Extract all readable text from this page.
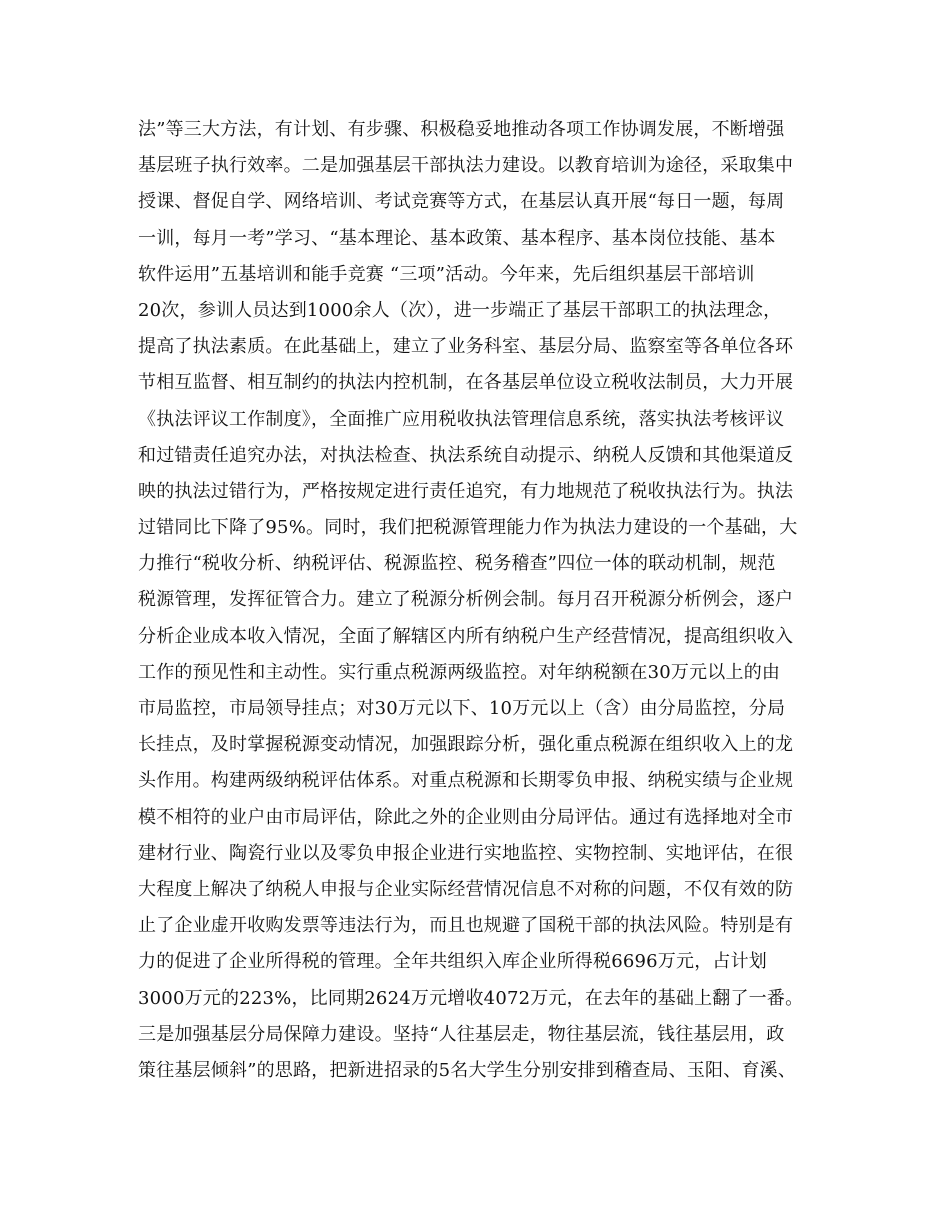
法”等三大方法，有计划、有步骤、积极稳妥地推动各项工作协调发展，不断增强
基层班子执行效率。二是加强基层干部执法力建设。以教育培训为途径，采取集中
授课、督促自学、网络培训、考试竞赛等方式，在基层认真开展“每日一题，每周
一训，每月一考”学习、“基本理论、基本政策、基本程序、基本岗位技能、基本
软件运用”五基培训和能手竞赛 “三项”活动。今年来，先后组织基层干部培训
20次，参训人员达到1000余人（次），进一步端正了基层干部职工的执法理念，
提高了执法素质。在此基础上，建立了业务科室、基层分局、监察室等各单位各环
节相互监督、相互制约的执法内控机制，在各基层单位设立税收法制员，大力开展
《执法评议工作制度》，全面推广应用税收执法管理信息系统，落实执法考核评议
和过错责任追究办法，对执法检查、执法系统自动提示、纳税人反馈和其他渠道反
映的执法过错行为，严格按规定进行责任追究，有力地规范了税收执法行为。执法
过错同比下降了95%。同时，我们把税源管理能力作为执法力建设的一个基础，大
力推行“税收分析、纳税评估、税源监控、税务稽查”四位一体的联动机制，规范
税源管理，发挥征管合力。建立了税源分析例会制。每月召开税源分析例会，逐户
分析企业成本收入情况，全面了解辖区内所有纳税户生产经营情况，提高组织收入
工作的预见性和主动性。实行重点税源两级监控。对年纳税额在30万元以上的由
市局监控，市局领导挂点；对30万元以下、10万元以上（含）由分局监控，分局
长挂点，及时掌握税源变动情况，加强跟踪分析，强化重点税源在组织收入上的龙
头作用。构建两级纳税评估体系。对重点税源和长期零负申报、纳税实绩与企业规
模不相符的业户由市局评估，除此之外的企业则由分局评估。通过有选择地对全市
建材行业、陶瓷行业以及零负申报企业进行实地监控、实物控制、实地评估，在很
大程度上解决了纳税人申报与企业实际经营情况信息不对称的问题，不仅有效的防
止了企业虚开收购发票等违法行为，而且也规避了国税干部的执法风险。特别是有
力的促进了企业所得税的管理。全年共组织入库企业所得税6696万元，占计划
3000万元的223%，比同期2624万元增收4072万元，在去年的基础上翻了一番。
三是加强基层分局保障力建设。坚持“人往基层走，物往基层流，钱往基层用，政
策往基层倾斜”的思路，把新进招录的5名大学生分别安排到稽查局、玉阳、育溪、
